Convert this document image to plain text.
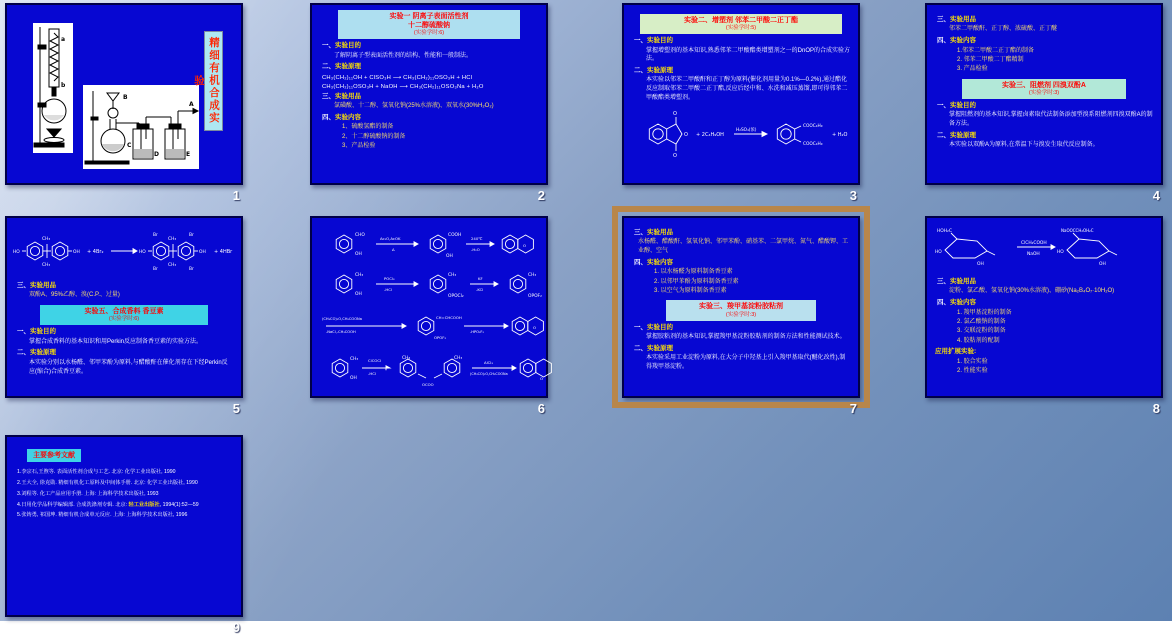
a
b
B
C
D	E
A	精细有机合成实验
1
实验一 阴离子表面活性剂
十二醇硫酸钠
(实验学时:6)
一、实验目的
了解阴离子型表面活性剂的结构、性能和一般制法。
二、实验原理
CH₃(CH₂)₁₁OH + ClSO₃H ⟶ CH₃(CH₂)₁₁OSO₃H + HCl
CH₃(CH₂)₁₁OSO₃H + NaOH ⟶ CH₃(CH₂)₁₁OSO₃Na + H₂O
三、实验用品
氯磺酸、十二醇、氢氧化钠(25%水溶液)、双氧水(30%H₂O₂)
四、实验内容
1、硫酸氢酯的制备
2、十二醇硫酸钠的制备
3、产品检验
2
实验二、增塑剂 邻苯二甲酸二正丁酯
(实验学时:5)
一、实验目的
掌握增塑剂的基本知识,熟悉邻苯二甲酸酯类增塑剂之一的DnOP的合成实验方法。
二、实验原理
本实验以邻苯二甲酸酐和正丁醇为原料(催化剂用量为0.1%—0.2%),通过酯化反应制取邻苯二甲酸二正丁酯,反应后经中和、水洗和减压蒸馏,即可得邻苯二甲酸酯类增塑剂。
O
O
O
+ 2C₄H₉OH
H₂SO₄(浓)
COOC₄H₉
COOC₄H₉
+ H₂O
3
三、实验用品
邻苯二甲酸酐、正丁醇、浓硫酸、正丁醚
四、实验内容
1.邻苯二甲酸二正丁酯的制备
2. 邻苯二甲酸二丁酯精制
3. 产品检验
实验三、阻燃剂 四溴双酚A
(实验学时:3)
一、实验目的
掌握阻燃剂的基本知识,掌握卤素取代法制备添加型溴系阻燃剂四溴双酚A的制备方法。
二、实验原理
本实验以双酚A为原料,在常温下与溴发生取代反应制备。
4
HO	OH
CH₃
CH₃
+ 4Br₂	HO	OH
CH₃
CH₃
Br
Br
Br
Br
+ 4HBr
三、实验用品
双酚A、95%乙醇、溴(C.P.、过量)
实验五、合成香料 香豆素
(实验学时:6)
一、实验目的
掌握合成香料的基本知识和用Perkin反应制备香豆素的实验方法。
二、实验原理
本实验分别以水杨醛、邻甲苯酚为原料,与醋酸酐在催化剂存在下经Perkin反应(缩合)合成香豆素。
5
CHO
OH
Ac₂O,AcOK
Δ
COOH
OH
240℃
-H₂O
O
CH₃
OH
POCl₃
-HCl
CH₃
OPOCl₂
KF
-KCl
CH₃
OPOF₂
(CH₃CO)₂O,CH₃COONa
-NaCl,-CH₃COOH
CH=CHCOOH
OPOF₂
-HPO₂F₂
O
CH₃
OH
ClCOCl
-HCl
CH₃	CH₃
OCOO
AlCl₃
(CH₃CO)₂O,CH₃COONa
O
6
三、实验用品
水杨醛、醋酸酐、氢氧化钠、邻甲苯酚、硝基苯、二氯甲烷、氮气、醋酸钾、工业醇、空气
四、实验内容
1. 以水杨醛为原料制备香豆素
2. 以邻甲苯酚为原料制备香豆素
3. 以空气为原料制备香豆素
实验三、羧甲基淀粉胶粘剂
(实验学时:3)
一、实验目的
掌握胶粘剂的基本知识,掌握羧甲基淀粉胶粘剂的制备方法和性能测试技术。
二、实验原理
本实验采用工业淀粉为原料,在大分子中羟基上引入羧甲基取代(醚化改性),制得羧甲基淀粉。
7
HOH₂C
HO
OH
ClCH₂COOH
NaOH
NaOOCCH₂OH₂C
HO
OH
三、实验用品
淀粉、氯乙酸、氢氧化钠(30%水溶液)、硼砂(Na₂B₄O₇·10H₂O)
四、实验内容
1. 羧甲基淀粉的制备
2. 氯乙酸钠的制备
3. 交联淀粉的制备
4. 胶粘剂的配制
应用扩展实验:
1. 胶合实验
2. 性能实验
8
主要参考文献
1.李宗石,王煦等. 表面活性剂合成与工艺. 北京: 化学工业出版社, 1990
2.王大全, 徐克勋. 精细有机化工原料及中间体手册. 北京: 化学工业出版社, 1990
3.刘程等. 化工产品应用手册. 上海: 上海科学技术出版社, 1993
4.日用化学品科学编辑部. 合成洗涤剂专辑. 北京: 轻工业出版社, 1994(1):52—59
5.张铸勇, 祁国珅. 精细有机合成单元反应. 上海: 上海科学技术出版社, 1996
9
